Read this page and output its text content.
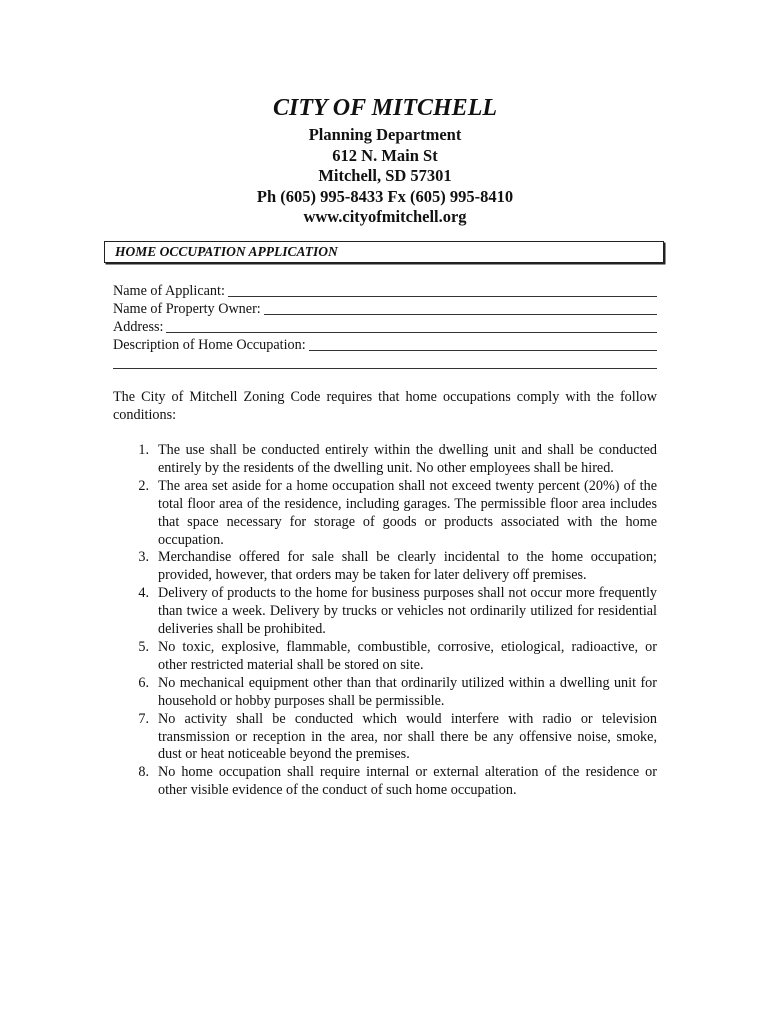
CITY OF MITCHELL
Planning Department
612 N. Main St
Mitchell, SD 57301
Ph (605) 995-8433 Fx (605) 995-8410
www.cityofmitchell.org
HOME OCCUPATION APPLICATION
Name of Applicant:
Name of Property Owner:
Address:
Description of Home Occupation:

The City of Mitchell Zoning Code requires that home occupations comply with the follow conditions:

1. The use shall be conducted entirely within the dwelling unit and shall be conducted entirely by the residents of the dwelling unit. No other employees shall be hired.
2. The area set aside for a home occupation shall not exceed twenty percent (20%) of the total floor area of the residence, including garages. The permissible floor area includes that space necessary for storage of goods or products associated with the home occupation.
3. Merchandise offered for sale shall be clearly incidental to the home occupation; provided, however, that orders may be taken for later delivery off premises.
4. Delivery of products to the home for business purposes shall not occur more frequently than twice a week. Delivery by trucks or vehicles not ordinarily utilized for residential deliveries shall be prohibited.
5. No toxic, explosive, flammable, combustible, corrosive, etiological, radioactive, or other restricted material shall be stored on site.
6. No mechanical equipment other than that ordinarily utilized within a dwelling unit for household or hobby purposes shall be permissible.
7. No activity shall be conducted which would interfere with radio or television transmission or reception in the area, nor shall there be any offensive noise, smoke, dust or heat noticeable beyond the premises.
8. No home occupation shall require internal or external alteration of the residence or other visible evidence of the conduct of such home occupation.
